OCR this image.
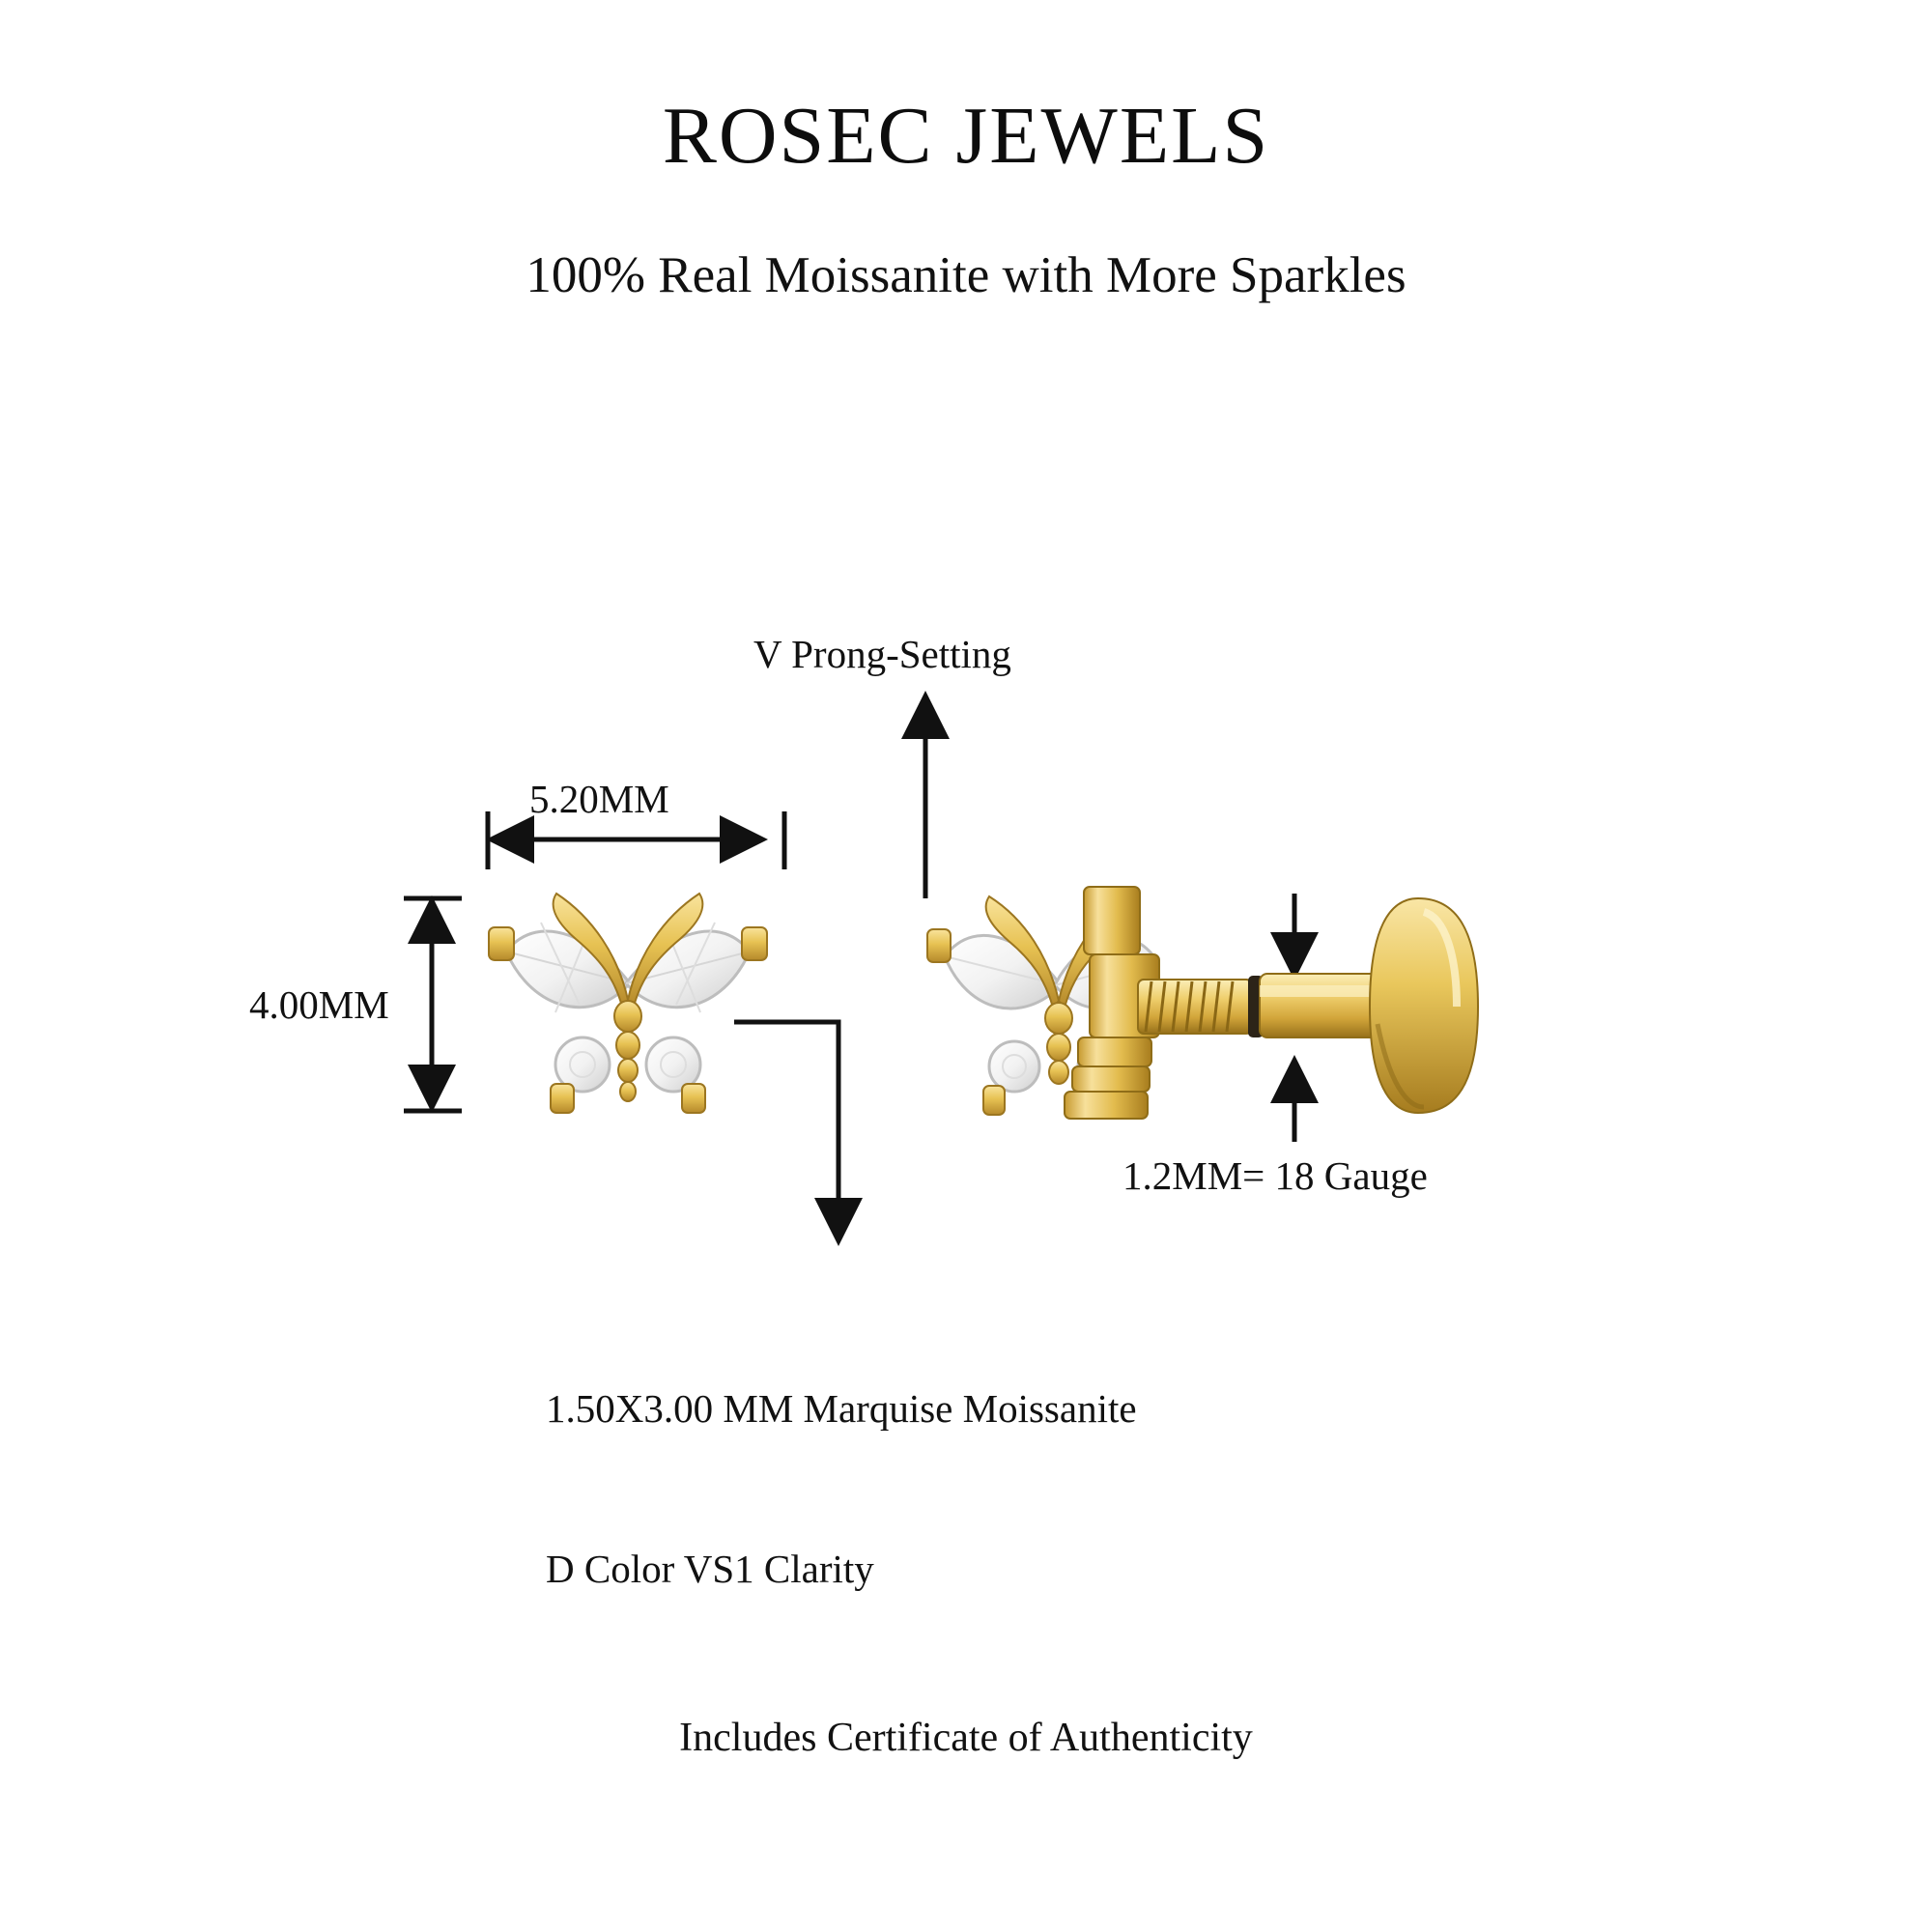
ROSEC JEWELS
100% Real Moissanite with More Sparkles
V Prong-Setting
5.20MM
4.00MM
1.2MM= 18 Gauge

1.50X3.00 MM Marquise Moissanite

D Color VS1 Clarity

Includes Certificate of Authenticity
